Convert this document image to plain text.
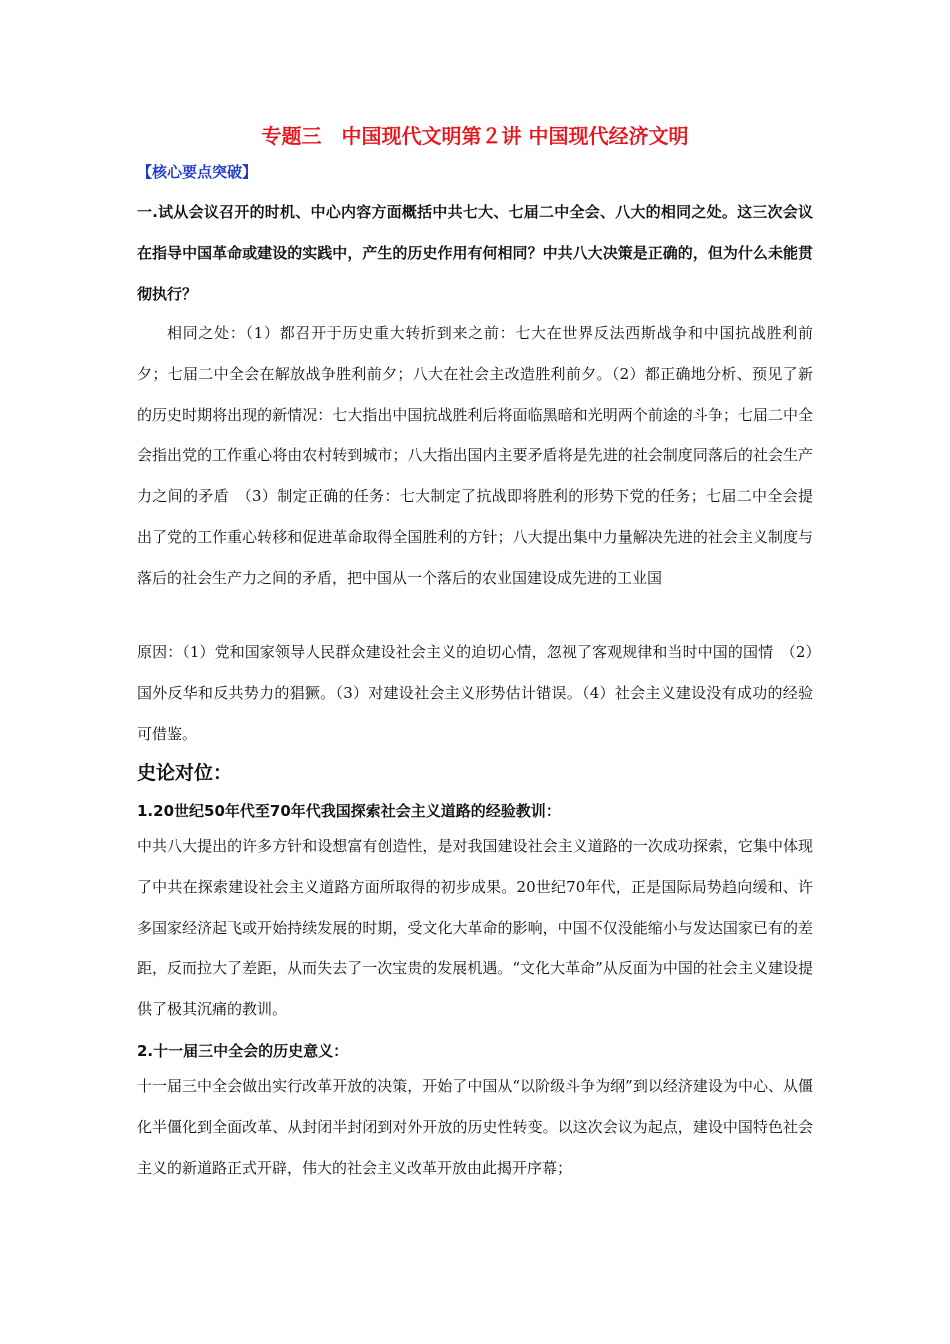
专题三　中国现代文明第２讲 中国现代经济文明
【核心要点突破】

一.试从会议召开的时机、中心内容方面概括中共七大、七届二中全会、八大的相同之处。这三次会议在指导中国革命或建设的实践中，产生的历史作用有何相同？中共八大决策是正确的，但为什么未能贯彻执行？

相同之处：（1）都召开于历史重大转折到来之前：七大在世界反法西斯战争和中国抗战胜利前夕；七届二中全会在解放战争胜利前夕；八大在社会主改造胜利前夕。（2）都正确地分析、预见了新的历史时期将出现的新情况：七大指出中国抗战胜利后将面临黑暗和光明两个前途的斗争；七届二中全会指出党的工作重心将由农村转到城市；八大指出国内主要矛盾将是先进的社会制度同落后的社会生产力之间的矛盾　（3）制定正确的任务：七大制定了抗战即将胜利的形势下党的任务；七届二中全会提出了党的工作重心转移和促进革命取得全国胜利的方针；八大提出集中力量解决先进的社会主义制度与落后的社会生产力之间的矛盾，把中国从一个落后的农业国建设成先进的工业国

原因：（1）党和国家领导人民群众建设社会主义的迫切心情，忽视了客观规律和当时中国的国情　（2）国外反华和反共势力的猖獗。（3）对建设社会主义形势估计错误。（4）社会主义建设没有成功的经验可借鉴。

史论对位：
1.20世纪50年代至70年代我国探索社会主义道路的经验教训：

中共八大提出的许多方针和设想富有创造性，是对我国建设社会主义道路的一次成功探索，它集中体现了中共在探索建设社会主义道路方面所取得的初步成果。20世纪70年代，正是国际局势趋向缓和、许多国家经济起飞或开始持续发展的时期，受文化大革命的影响，中国不仅没能缩小与发达国家已有的差距，反而拉大了差距，从而失去了一次宝贵的发展机遇。“文化大革命”从反面为中国的社会主义建设提供了极其沉痛的教训。

2.十一届三中全会的历史意义：

十一届三中全会做出实行改革开放的决策，开始了中国从“以阶级斗争为纲”到以经济建设为中心、从僵化半僵化到全面改革、从封闭半封闭到对外开放的历史性转变。以这次会议为起点，建设中国特色社会主义的新道路正式开辟，伟大的社会主义改革开放由此揭开序幕；
